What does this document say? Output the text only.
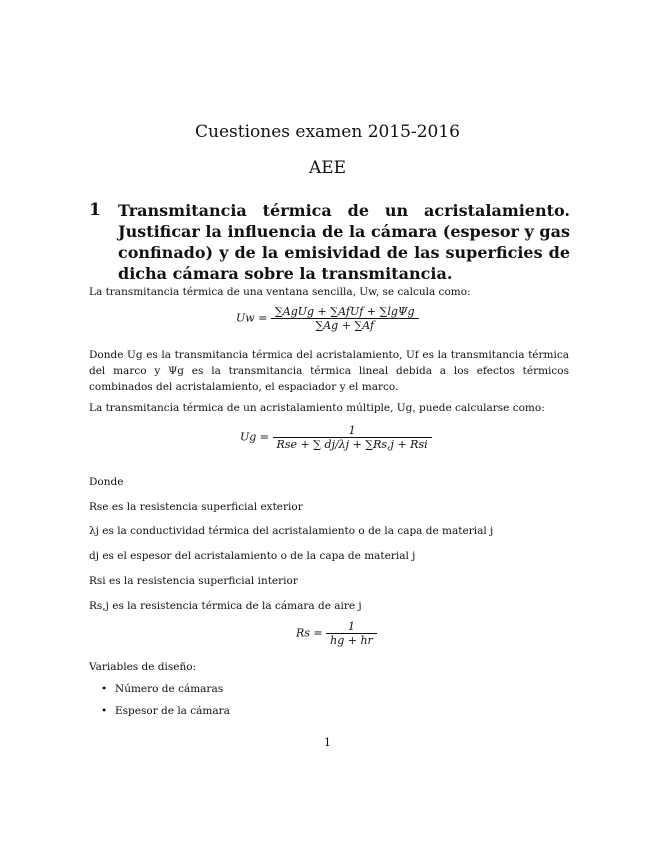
Cuestiones examen 2015-2016
AEE
1 Transmitancia térmica de un acristalamiento. Justificar la influencia de la cámara (espesor y gas confinado) y de la emisividad de las superficies de dicha cámara sobre la transmitancia.
La transmitancia térmica de una ventana sencilla, Uw, se calcula como:
$Uw = \frac{\text{∑AgUg + ∑AfUf + ∑lgΨg}}{\sum Ag + \sum Af}$
Donde Ug es la transmitancia térmica del acristalamiento, Uf es la transmitancia térmica del marco y Ψg es la transmitancia térmica lineal debida a los efectos térmicos combinados del acristalamiento, el espaciador y el marco.
La transmitancia térmica de un acristalamiento múltiple, Ug, puede calcularse como:
$Ug = \frac{1}{\text{Rse + ∑ dj/λj + ∑Rs,j + Rsi}}$
Donde
Rse es la resistencia superficial exterior
λj es la conductividad térmica del acristalamiento o de la capa de material j
dj es el espesor del acristalamiento o de la capa de material j
Rsi es la resistencia superficial interior
Rs,j es la resistencia térmica de la cámara de aire j
$Rs = \frac{1}{hg + hr}$
Variables de diseño:
• Número de cámaras
• Espesor de la cámara
1
